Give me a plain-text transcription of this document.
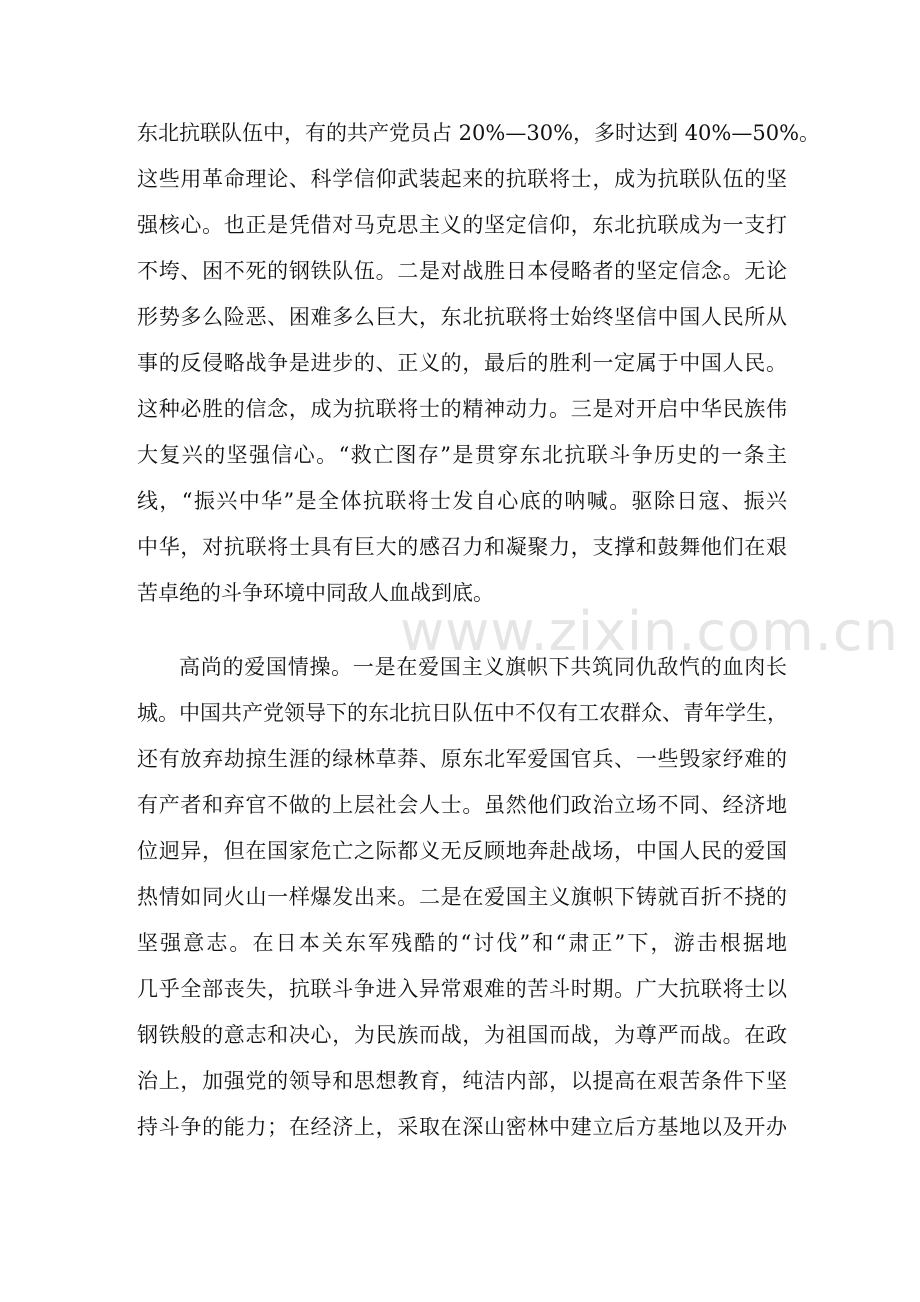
东北抗联队伍中，有的共产党员占 20%—30%，多时达到 40%—50%。
这些用革命理论、科学信仰武装起来的抗联将士，成为抗联队伍的坚
强核心。也正是凭借对马克思主义的坚定信仰，东北抗联成为一支打
不垮、困不死的钢铁队伍。二是对战胜日本侵略者的坚定信念。无论
形势多么险恶、困难多么巨大，东北抗联将士始终坚信中国人民所从
事的反侵略战争是进步的、正义的，最后的胜利一定属于中国人民。
这种必胜的信念，成为抗联将士的精神动力。三是对开启中华民族伟
大复兴的坚强信心。“救亡图存”是贯穿东北抗联斗争历史的一条主
线，“振兴中华”是全体抗联将士发自心底的呐喊。驱除日寇、振兴
中华，对抗联将士具有巨大的感召力和凝聚力，支撑和鼓舞他们在艰
苦卓绝的斗争环境中同敌人血战到底。
高尚的爱国情操。一是在爱国主义旗帜下共筑同仇敌忾的血肉长
城。中国共产党领导下的东北抗日队伍中不仅有工农群众、青年学生，
还有放弃劫掠生涯的绿林草莽、原东北军爱国官兵、一些毁家纾难的
有产者和弃官不做的上层社会人士。虽然他们政治立场不同、经济地
位迥异，但在国家危亡之际都义无反顾地奔赴战场，中国人民的爱国
热情如同火山一样爆发出来。二是在爱国主义旗帜下铸就百折不挠的
坚强意志。在日本关东军残酷的“讨伐”和“肃正”下，游击根据地
几乎全部丧失，抗联斗争进入异常艰难的苦斗时期。广大抗联将士以
钢铁般的意志和决心，为民族而战，为祖国而战，为尊严而战。在政
治上，加强党的领导和思想教育，纯洁内部，以提高在艰苦条件下坚
持斗争的能力；在经济上，采取在深山密林中建立后方基地以及开办
www.zixin.com.cn
